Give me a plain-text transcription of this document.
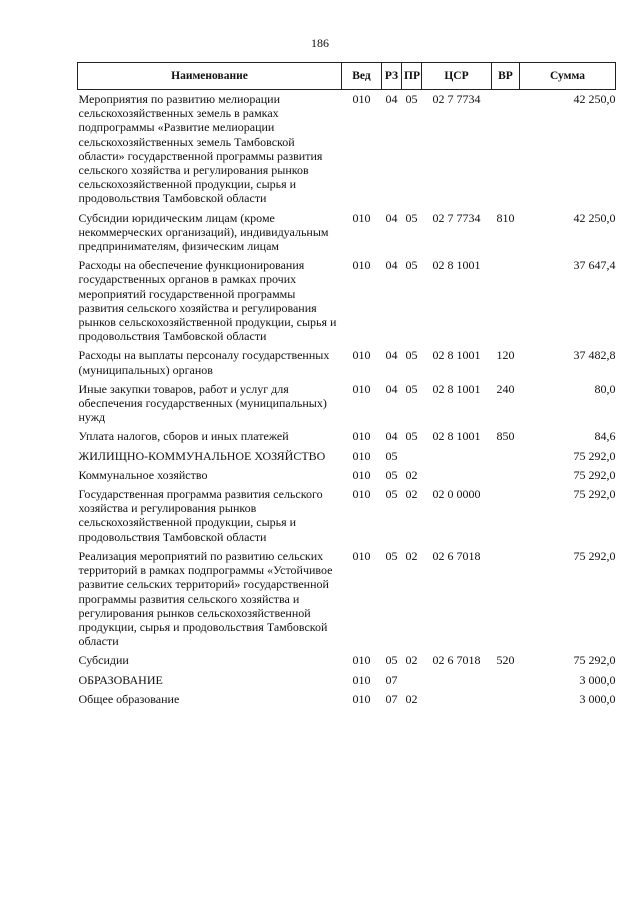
186
Наименование	Вед	РЗ	ПР	ЦСР	ВР	Сумма
Мероприятия по развитию мелиорации сельскохозяйственных земель в рамках подпрограммы «Развитие мелиорации сельскохозяйственных земель Тамбовской области» государственной программы развития сельского хозяйства и регулирования рынков сельскохозяйственной продукции, сырья и продовольствия Тамбовской области	010	04	05	02 7 7734		42 250,0
Субсидии юридическим лицам (кроме некоммерческих организаций), индивидуальным предпринимателям, физическим лицам	010	04	05	02 7 7734	810	42 250,0
Расходы на обеспечение функционирования государственных органов в рамках прочих мероприятий государственной программы развития сельского хозяйства и регулирования рынков сельскохозяйственной продукции, сырья и продовольствия Тамбовской области	010	04	05	02 8 1001		37 647,4
Расходы на выплаты персоналу государственных (муниципальных) органов	010	04	05	02 8 1001	120	37 482,8
Иные закупки товаров, работ и услуг для обеспечения государственных (муниципальных) нужд	010	04	05	02 8 1001	240	80,0
Уплата налогов, сборов и иных платежей	010	04	05	02 8 1001	850	84,6
ЖИЛИЩНО-КОММУНАЛЬНОЕ ХОЗЯЙСТВО	010	05				75 292,0
Коммунальное хозяйство	010	05	02			75 292,0
Государственная программа развития сельского хозяйства и регулирования рынков сельскохозяйственной продукции, сырья и продовольствия Тамбовской области	010	05	02	02 0 0000		75 292,0
Реализация мероприятий по развитию сельских территорий в рамках подпрограммы «Устойчивое развитие сельских территорий» государственной программы развития сельского хозяйства и регулирования рынков сельскохозяйственной продукции, сырья и продовольствия Тамбовской области	010	05	02	02 6 7018		75 292,0
Субсидии	010	05	02	02 6 7018	520	75 292,0
ОБРАЗОВАНИЕ	010	07				3 000,0
Общее образование	010	07	02			3 000,0
